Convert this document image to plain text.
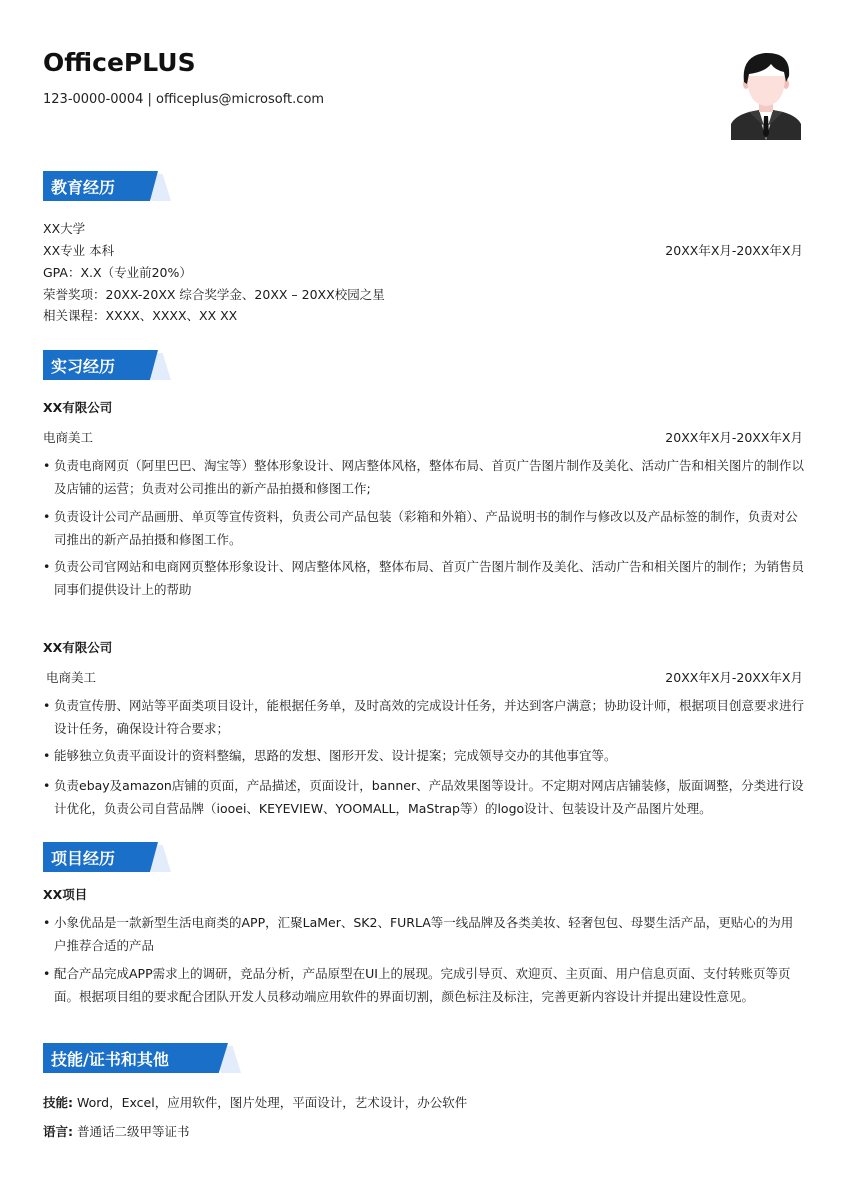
OfficePLUS
123-0000-0004 | officeplus@microsoft.com
教育经历
XX大学
XX专业 本科	20XX年X月-20XX年X月
GPA：X.X（专业前20%）
荣誉奖项：20XX-20XX 综合奖学金、20XX – 20XX校园之星
相关课程：XXXX、XXXX、XX XX
实习经历
XX有限公司
电商美工	20XX年X月-20XX年X月
• 负责电商网页（阿里巴巴、淘宝等）整体形象设计、网店整体风格，整体布局、首页广告图片制作及美化、活动广告和相关图片的制作以及店铺的运营；负责对公司推出的新产品拍摄和修图工作;
• 负责设计公司产品画册、单页等宣传资料，负责公司产品包装（彩箱和外箱）、产品说明书的制作与修改以及产品标签的制作，负责对公司推出的新产品拍摄和修图工作。
• 负责公司官网站和电商网页整体形象设计、网店整体风格，整体布局、首页广告图片制作及美化、活动广告和相关图片的制作；为销售员同事们提供设计上的帮助
XX有限公司
电商美工	20XX年X月-20XX年X月
• 负责宣传册、网站等平面类项目设计，能根据任务单，及时高效的完成设计任务，并达到客户满意；协助设计师，根据项目创意要求进行设计任务，确保设计符合要求；
• 能够独立负责平面设计的资料整编，思路的发想、图形开发、设计提案；完成领导交办的其他事宜等。
• 负责ebay及amazon店铺的页面，产品描述，页面设计，banner、产品效果图等设计。不定期对网店店铺装修，版面调整，分类进行设计优化，负责公司自营品牌（iooei、KEYEVIEW、YOOMALL，MaStrap等）的logo设计、包装设计及产品图片处理。
项目经历
XX项目
• 小象优品是一款新型生活电商类的APP，汇聚LaMer、SK2、FURLA等一线品牌及各类美妆、轻奢包包、母婴生活产品，更贴心的为用户推荐合适的产品
• 配合产品完成APP需求上的调研，竞品分析，产品原型在UI上的展现。完成引导页、欢迎页、主页面、用户信息页面、支付转账页等页面。根据项目组的要求配合团队开发人员移动端应用软件的界面切割，颜色标注及标注，完善更新内容设计并提出建设性意见。
技能/证书和其他
技能: Word，Excel，应用软件，图片处理，平面设计，艺术设计，办公软件
语言: 普通话二级甲等证书
